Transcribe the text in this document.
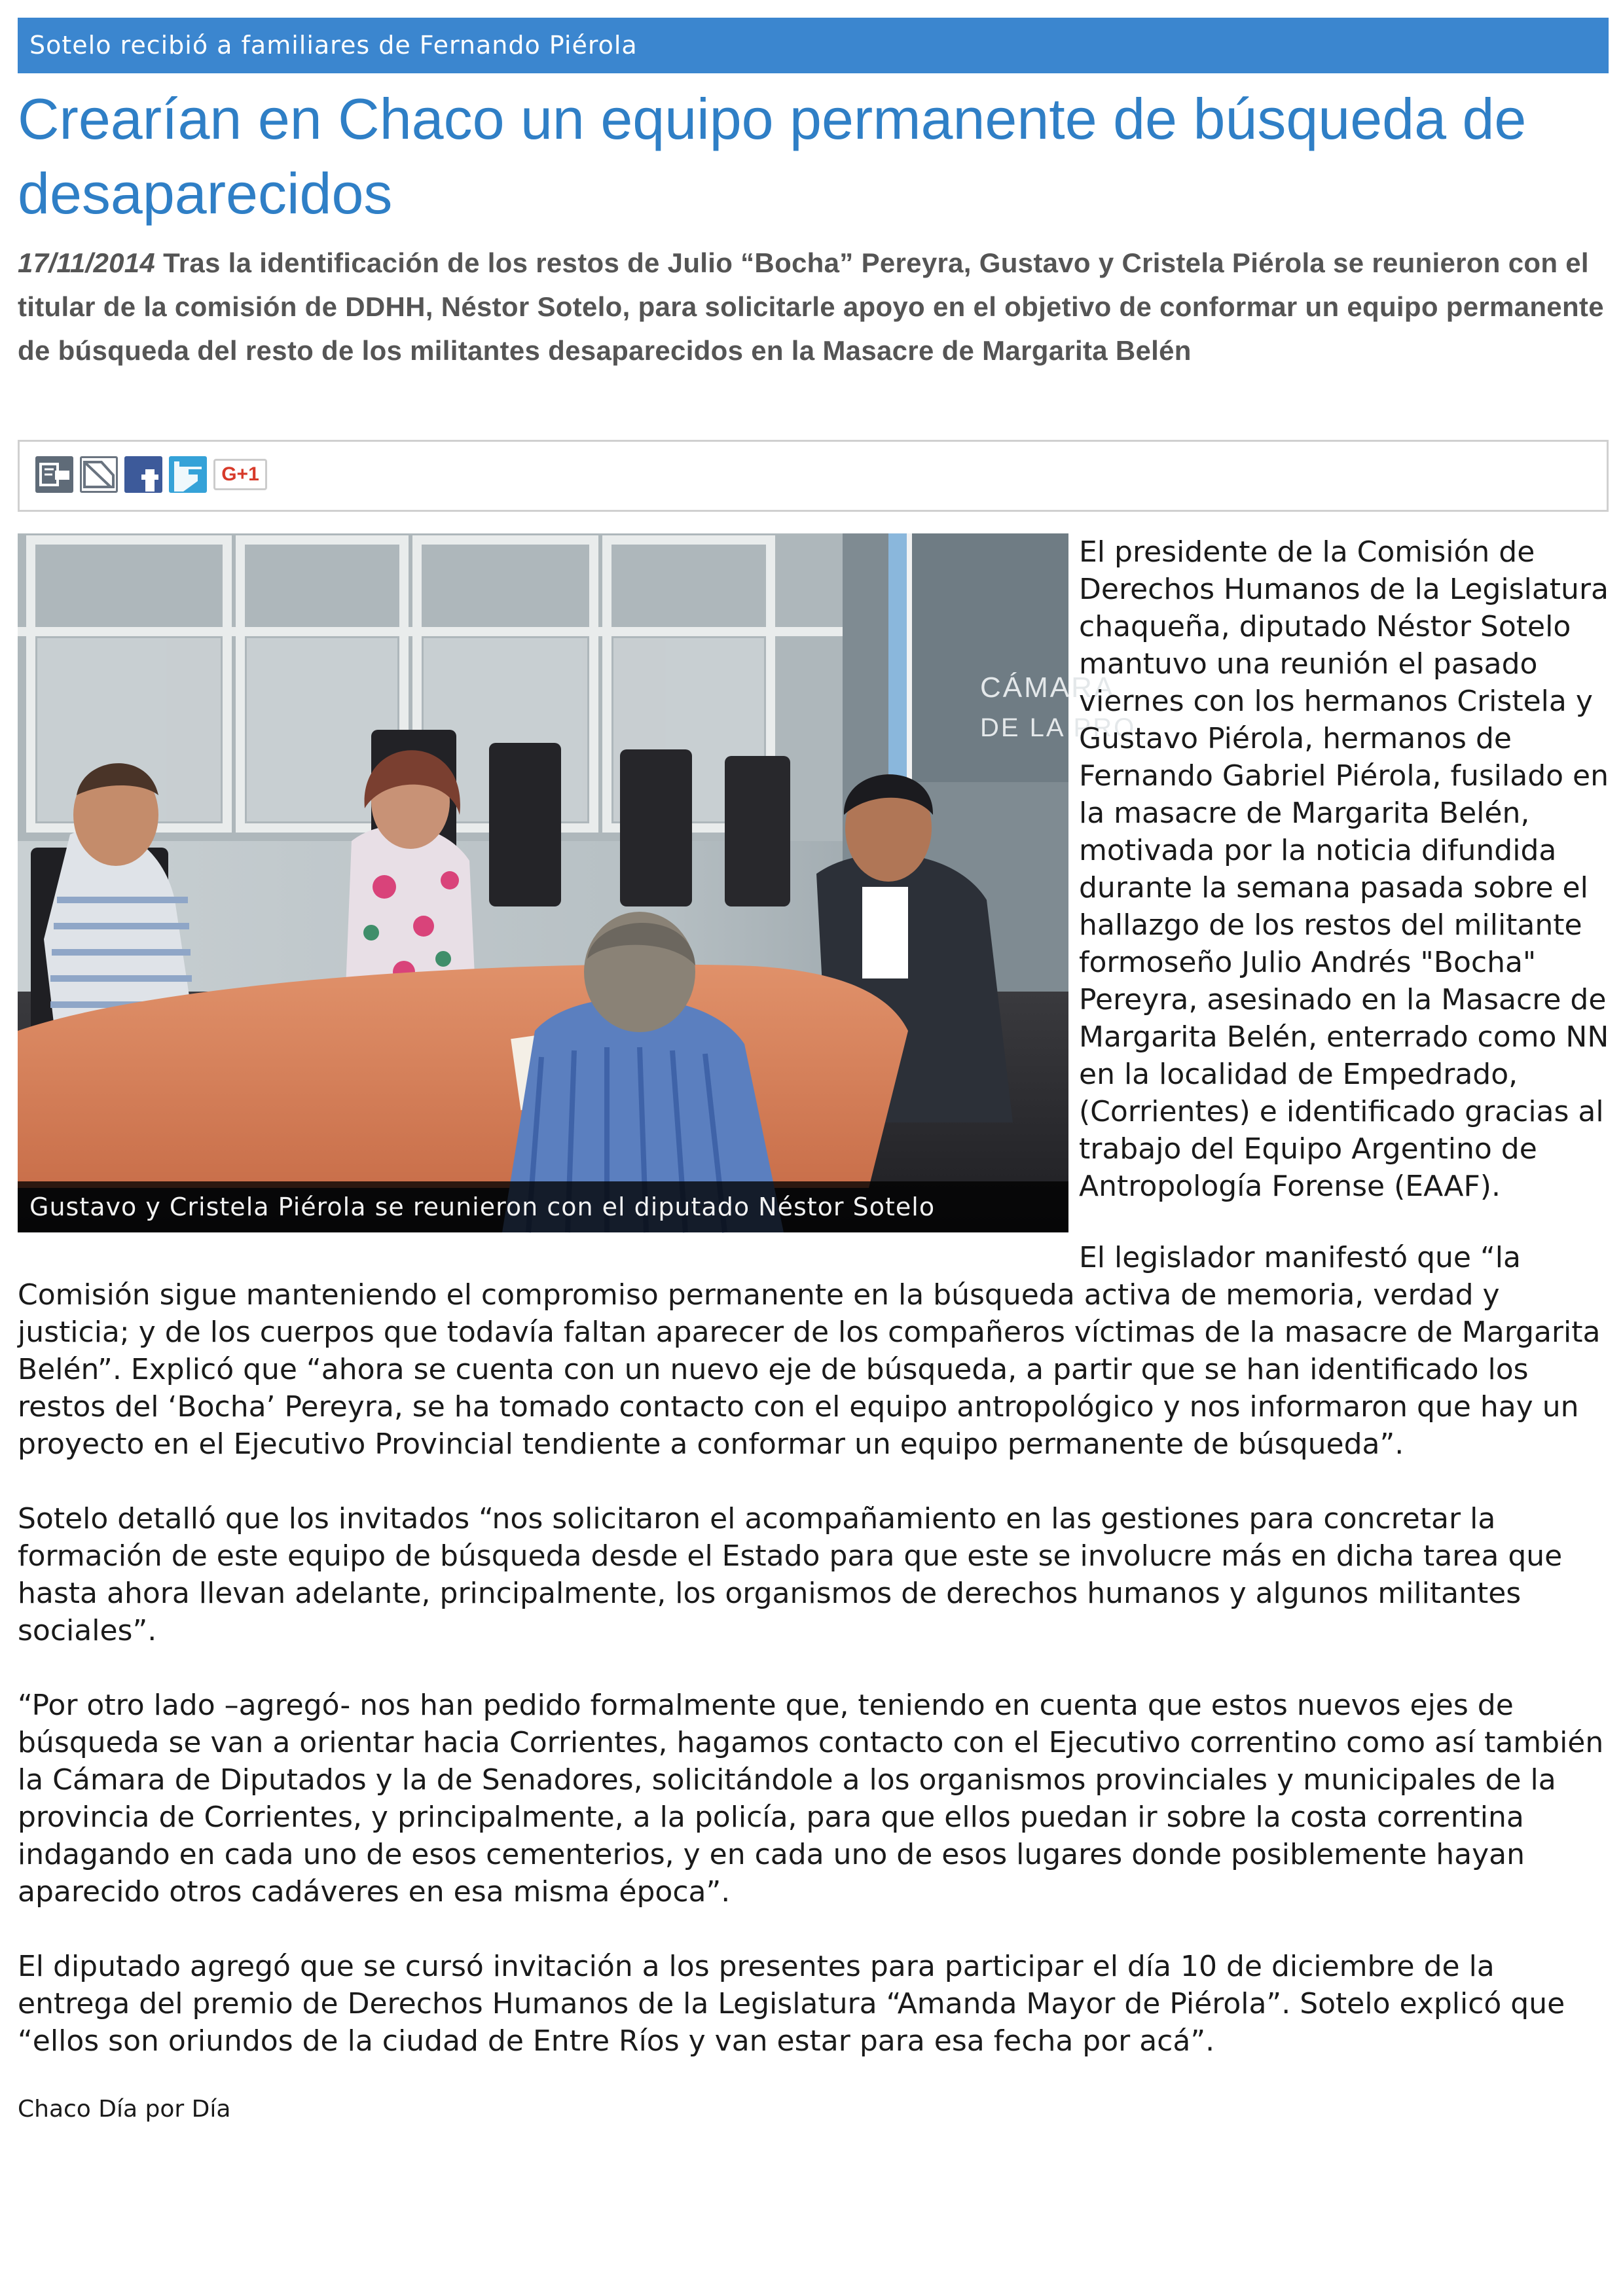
Sotelo recibió a familiares de Fernando Piérola
Crearían en Chaco un equipo permanente de búsqueda de desaparecidos
17/11/2014 Tras la identificación de los restos de Julio “Bocha” Pereyra, Gustavo y Cristela Piérola se reunieron con el titular de la comisión de DDHH, Néstor Sotelo, para solicitarle apoyo en el objetivo de conformar un equipo permanente de búsqueda del resto de los militantes desaparecidos en la Masacre de Margarita Belén
G+1
CÁMARA
DE LA PRO
Gustavo y Cristela Piérola se reunieron con el diputado Néstor Sotelo
El presidente de la Comisión de Derechos Humanos de la Legislatura chaqueña, diputado Néstor Sotelo mantuvo una reunión el pasado viernes con los hermanos Cristela y Gustavo Piérola, hermanos de Fernando Gabriel Piérola, fusilado en la masacre de Margarita Belén, motivada por la noticia difundida durante la semana pasada sobre el hallazgo de los restos del militante formoseño Julio Andrés "Bocha" Pereyra, asesinado en la Masacre de Margarita Belén, enterrado como NN en la localidad de Empedrado, (Corrientes) e identificado gracias al trabajo del Equipo Argentino de Antropología Forense (EAAF).
El legislador manifestó que “la

Comisión sigue manteniendo el compromiso permanente en la búsqueda activa de memoria, verdad y justicia; y de los cuerpos que todavía faltan aparecer de los compañeros víctimas de la masacre de Margarita Belén”. Explicó que “ahora se cuenta con un nuevo eje de búsqueda, a partir que se han identificado los restos del ‘Bocha’ Pereyra, se ha tomado contacto con el equipo antropológico y nos informaron que hay un proyecto en el Ejecutivo Provincial tendiente a conformar un equipo permanente de búsqueda”.

Sotelo detalló que los invitados “nos solicitaron el acompañamiento en las gestiones para concretar la formación de este equipo de búsqueda desde el Estado para que este se involucre más en dicha tarea que hasta ahora llevan adelante, principalmente, los organismos de derechos humanos y algunos militantes sociales”.

“Por otro lado –agregó- nos han pedido formalmente que, teniendo en cuenta que estos nuevos ejes de búsqueda se van a orientar hacia Corrientes, hagamos contacto con el Ejecutivo correntino como así también la Cámara de Diputados y la de Senadores, solicitándole a los organismos provinciales y municipales de la provincia de Corrientes, y principalmente, a la policía, para que ellos puedan ir sobre la costa correntina indagando en cada uno de esos cementerios, y en cada uno de esos lugares donde posiblemente hayan aparecido otros cadáveres en esa misma época”.

El diputado agregó que se cursó invitación a los presentes para participar el día 10 de diciembre de la entrega del premio de Derechos Humanos de la Legislatura “Amanda Mayor de Piérola”. Sotelo explicó que “ellos son oriundos de la ciudad de Entre Ríos y van estar para esa fecha por acá”.

Chaco Día por Día
